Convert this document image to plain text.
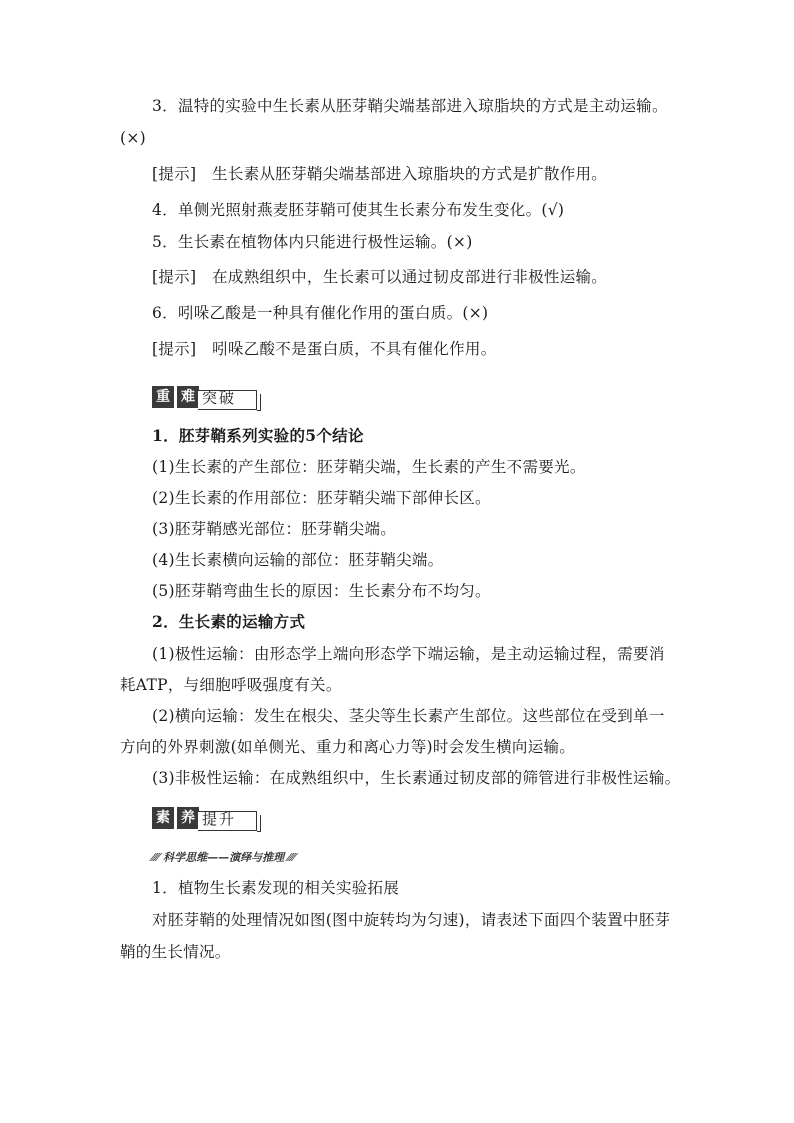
3．温特的实验中生长素从胚芽鞘尖端基部进入琼脂块的方式是主动运输。
(×)
[提示]　生长素从胚芽鞘尖端基部进入琼脂块的方式是扩散作用。
4．单侧光照射燕麦胚芽鞘可使其生长素分布发生变化。(√)
5．生长素在植物体内只能进行极性运输。(×)
[提示]　在成熟组织中，生长素可以通过韧皮部进行非极性运输。
6．吲哚乙酸是一种具有催化作用的蛋白质。(×)
[提示]　吲哚乙酸不是蛋白质，不具有催化作用。
重 难 突破
1．胚芽鞘系列实验的5个结论
(1)生长素的产生部位：胚芽鞘尖端，生长素的产生不需要光。
(2)生长素的作用部位：胚芽鞘尖端下部伸长区。
(3)胚芽鞘感光部位：胚芽鞘尖端。
(4)生长素横向运输的部位：胚芽鞘尖端。
(5)胚芽鞘弯曲生长的原因：生长素分布不均匀。
2．生长素的运输方式
(1)极性运输：由形态学上端向形态学下端运输，是主动运输过程，需要消
耗ATP，与细胞呼吸强度有关。
(2)横向运输：发生在根尖、茎尖等生长素产生部位。这些部位在受到单一
方向的外界刺激(如单侧光、重力和离心力等)时会发生横向运输。
(3)非极性运输：在成熟组织中，生长素通过韧皮部的筛管进行非极性运输。
素 养 提升
⁄⁄⁄⁄ 科学思维——演绎与推理 ⁄⁄⁄⁄
1．植物生长素发现的相关实验拓展
对胚芽鞘的处理情况如图(图中旋转均为匀速)，请表述下面四个装置中胚芽
鞘的生长情况。
